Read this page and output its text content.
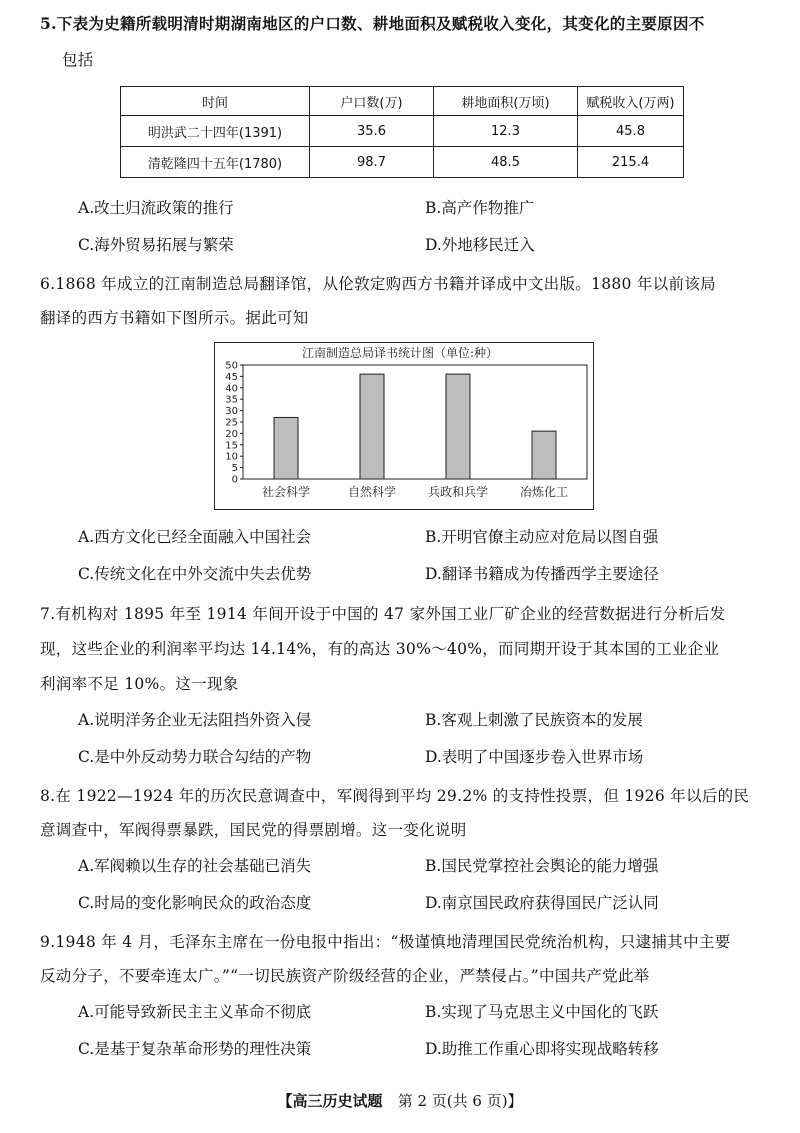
5.下表为史籍所载明清时期湖南地区的户口数、耕地面积及赋税收入变化，其变化的主要原因不
包括
时间	户口数(万)	耕地面积(万顷)	赋税收入(万两)
明洪武二十四年(1391)	35.6	12.3	45.8
清乾隆四十五年(1780)	98.7	48.5	215.4
A.改土归流政策的推行	B.高产作物推广
C.海外贸易拓展与繁荣	D.外地移民迁入
6.1868 年成立的江南制造总局翻译馆，从伦敦定购西方书籍并译成中文出版。1880 年以前该局
翻译的西方书籍如下图所示。据此可知
江南制造总局译书统计图（单位:种）
0
5
10
15
20
25
30
35
40
45
50
社会科学	自然科学	兵政和兵学	冶炼化工
A.西方文化已经全面融入中国社会	B.开明官僚主动应对危局以图自强
C.传统文化在中外交流中失去优势	D.翻译书籍成为传播西学主要途径
7.有机构对 1895 年至 1914 年间开设于中国的 47 家外国工业厂矿企业的经营数据进行分析后发
现，这些企业的利润率平均达 14.14%，有的高达 30%～40%，而同期开设于其本国的工业企业
利润率不足 10%。这一现象
A.说明洋务企业无法阻挡外资入侵	B.客观上刺激了民族资本的发展
C.是中外反动势力联合勾结的产物	D.表明了中国逐步卷入世界市场
8.在 1922—1924 年的历次民意调查中，军阀得到平均 29.2% 的支持性投票，但 1926 年以后的民
意调查中，军阀得票暴跌，国民党的得票剧增。这一变化说明
A.军阀赖以生存的社会基础已消失	B.国民党掌控社会舆论的能力增强
C.时局的变化影响民众的政治态度	D.南京国民政府获得国民广泛认同
9.1948 年 4 月，毛泽东主席在一份电报中指出：“极谨慎地清理国民党统治机构，只逮捕其中主要
反动分子，不要牵连太广。”“一切民族资产阶级经营的企业，严禁侵占。”中国共产党此举
A.可能导致新民主主义革命不彻底	B.实现了马克思主义中国化的飞跃
C.是基于复杂革命形势的理性决策	D.助推工作重心即将实现战略转移
【高三历史试题 第 2 页(共 6 页)】
